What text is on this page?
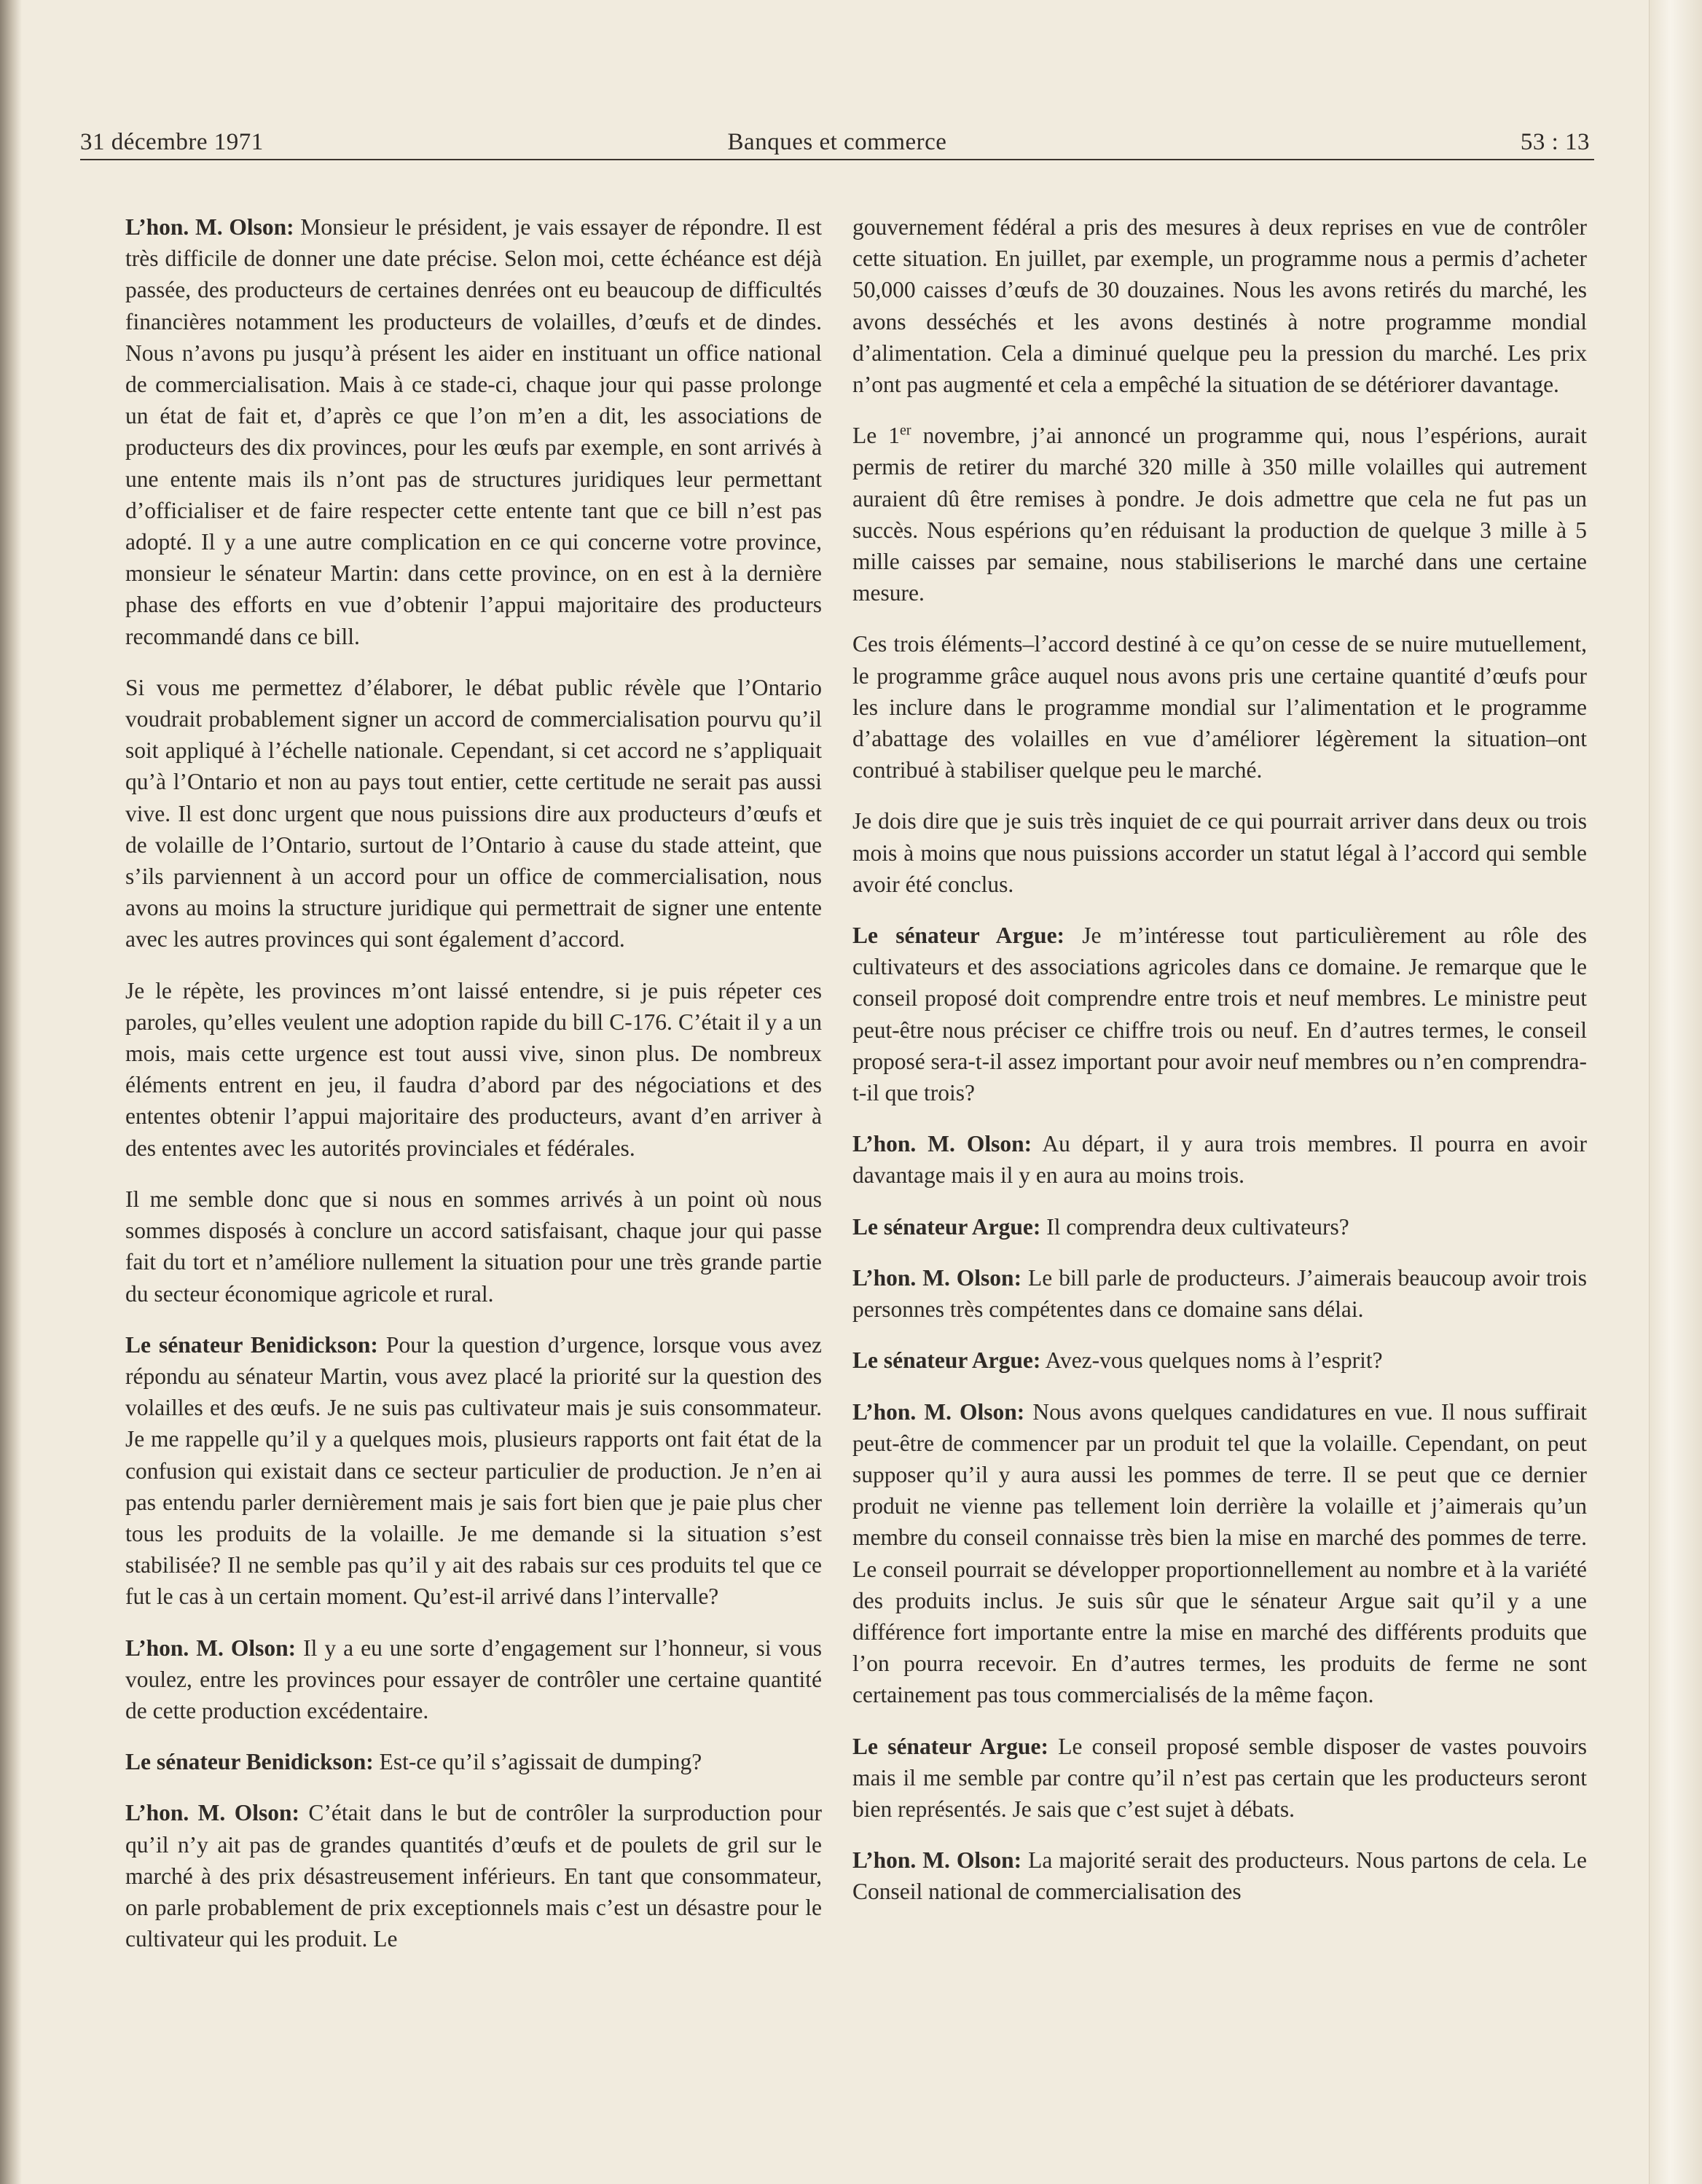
31 décembre 1971	Banques et commerce	53 : 13

L’hon. M. Olson: Monsieur le président, je vais essayer de répondre. Il est très difficile de donner une date précise. Selon moi, cette échéance est déjà passée, des producteurs de certaines denrées ont eu beaucoup de difficultés financières notamment les producteurs de volailles, d’œufs et de dindes. Nous n’avons pu jusqu’à présent les aider en instituant un office national de commercialisation. Mais à ce stade-ci, chaque jour qui passe prolonge un état de fait et, d’après ce que l’on m’en a dit, les associations de producteurs des dix provinces, pour les œufs par exemple, en sont arrivés à une entente mais ils n’ont pas de structures juridiques leur permettant d’officialiser et de faire respecter cette entente tant que ce bill n’est pas adopté. Il y a une autre complication en ce qui concerne votre province, monsieur le sénateur Martin: dans cette province, on en est à la dernière phase des efforts en vue d’obtenir l’appui majoritaire des producteurs recommandé dans ce bill.

Si vous me permettez d’élaborer, le débat public révèle que l’Ontario voudrait probablement signer un accord de commercialisation pourvu qu’il soit appliqué à l’échelle nationale. Cependant, si cet accord ne s’appliquait qu’à l’Ontario et non au pays tout entier, cette certitude ne serait pas aussi vive. Il est donc urgent que nous puissions dire aux producteurs d’œufs et de volaille de l’Ontario, surtout de l’Ontario à cause du stade atteint, que s’ils parviennent à un accord pour un office de commercialisation, nous avons au moins la structure juridique qui permettrait de signer une entente avec les autres provinces qui sont également d’accord.

Je le répète, les provinces m’ont laissé entendre, si je puis répeter ces paroles, qu’elles veulent une adoption rapide du bill C-176. C’était il y a un mois, mais cette urgence est tout aussi vive, sinon plus. De nombreux éléments entrent en jeu, il faudra d’abord par des négociations et des ententes obtenir l’appui majoritaire des producteurs, avant d’en arriver à des ententes avec les autorités provinciales et fédérales.

Il me semble donc que si nous en sommes arrivés à un point où nous sommes disposés à conclure un accord satisfaisant, chaque jour qui passe fait du tort et n’améliore nullement la situation pour une très grande partie du secteur économique agricole et rural.

Le sénateur Benidickson: Pour la question d’urgence, lorsque vous avez répondu au sénateur Martin, vous avez placé la priorité sur la question des volailles et des œufs. Je ne suis pas cultivateur mais je suis consommateur. Je me rappelle qu’il y a quelques mois, plusieurs rapports ont fait état de la confusion qui existait dans ce secteur particulier de production. Je n’en ai pas entendu parler dernièrement mais je sais fort bien que je paie plus cher tous les produits de la volaille. Je me demande si la situation s’est stabilisée? Il ne semble pas qu’il y ait des rabais sur ces produits tel que ce fut le cas à un certain moment. Qu’est-il arrivé dans l’intervalle?

L’hon. M. Olson: Il y a eu une sorte d’engagement sur l’honneur, si vous voulez, entre les provinces pour essayer de contrôler une certaine quantité de cette production excédentaire.

Le sénateur Benidickson: Est-ce qu’il s’agissait de dumping?

L’hon. M. Olson: C’était dans le but de contrôler la surproduction pour qu’il n’y ait pas de grandes quantités d’œufs et de poulets de gril sur le marché à des prix désastreusement inférieurs. En tant que consommateur, on parle probablement de prix exceptionnels mais c’est un désastre pour le cultivateur qui les produit. Le

gouvernement fédéral a pris des mesures à deux reprises en vue de contrôler cette situation. En juillet, par exemple, un programme nous a permis d’acheter 50,000 caisses d’œufs de 30 douzaines. Nous les avons retirés du marché, les avons desséchés et les avons destinés à notre programme mondial d’alimentation. Cela a diminué quelque peu la pression du marché. Les prix n’ont pas augmenté et cela a empêché la situation de se détériorer davantage.

Le 1er novembre, j’ai annoncé un programme qui, nous l’espérions, aurait permis de retirer du marché 320 mille à 350 mille volailles qui autrement auraient dû être remises à pondre. Je dois admettre que cela ne fut pas un succès. Nous espérions qu’en réduisant la production de quelque 3 mille à 5 mille caisses par semaine, nous stabiliserions le marché dans une certaine mesure.

Ces trois éléments–l’accord destiné à ce qu’on cesse de se nuire mutuellement, le programme grâce auquel nous avons pris une certaine quantité d’œufs pour les inclure dans le programme mondial sur l’alimentation et le programme d’abattage des volailles en vue d’améliorer légèrement la situation–ont contribué à stabiliser quelque peu le marché.

Je dois dire que je suis très inquiet de ce qui pourrait arriver dans deux ou trois mois à moins que nous puissions accorder un statut légal à l’accord qui semble avoir été conclus.

Le sénateur Argue: Je m’intéresse tout particulièrement au rôle des cultivateurs et des associations agricoles dans ce domaine. Je remarque que le conseil proposé doit comprendre entre trois et neuf membres. Le ministre peut peut-être nous préciser ce chiffre trois ou neuf. En d’autres termes, le conseil proposé sera-t-il assez important pour avoir neuf membres ou n’en comprendra-t-il que trois?

L’hon. M. Olson: Au départ, il y aura trois membres. Il pourra en avoir davantage mais il y en aura au moins trois.

Le sénateur Argue: Il comprendra deux cultivateurs?

L’hon. M. Olson: Le bill parle de producteurs. J’aimerais beaucoup avoir trois personnes très compétentes dans ce domaine sans délai.

Le sénateur Argue: Avez-vous quelques noms à l’esprit?

L’hon. M. Olson: Nous avons quelques candidatures en vue. Il nous suffirait peut-être de commencer par un produit tel que la volaille. Cependant, on peut supposer qu’il y aura aussi les pommes de terre. Il se peut que ce dernier produit ne vienne pas tellement loin derrière la volaille et j’aimerais qu’un membre du conseil connaisse très bien la mise en marché des pommes de terre. Le conseil pourrait se développer proportionnellement au nombre et à la variété des produits inclus. Je suis sûr que le sénateur Argue sait qu’il y a une différence fort importante entre la mise en marché des différents produits que l’on pourra recevoir. En d’autres termes, les produits de ferme ne sont certainement pas tous commercialisés de la même façon.

Le sénateur Argue: Le conseil proposé semble disposer de vastes pouvoirs mais il me semble par contre qu’il n’est pas certain que les producteurs seront bien représentés. Je sais que c’est sujet à débats.

L’hon. M. Olson: La majorité serait des producteurs. Nous partons de cela. Le Conseil national de commercialisation des
